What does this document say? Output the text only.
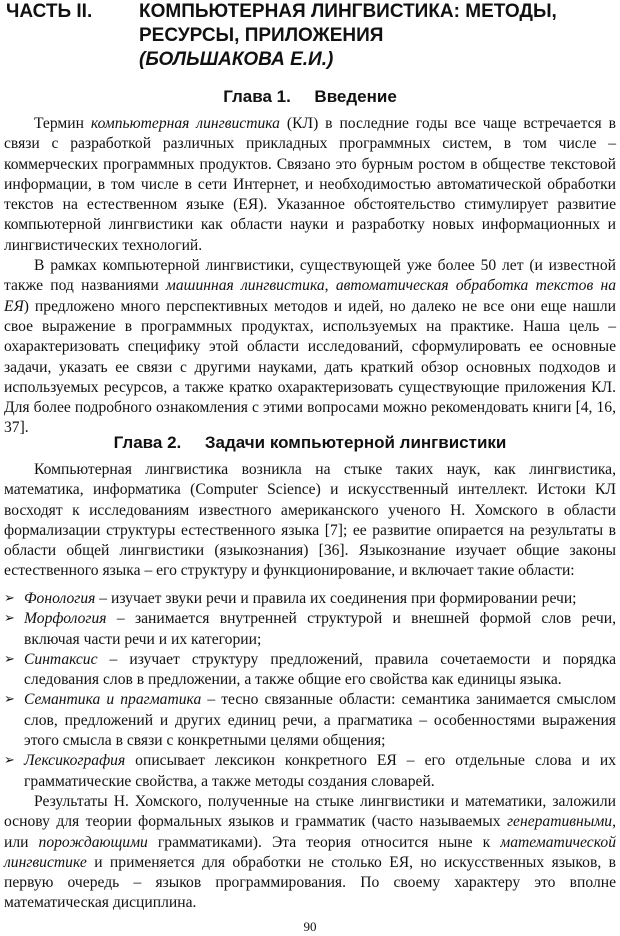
ЧАСТЬ II. КОМПЬЮТЕРНАЯ ЛИНГВИСТИКА: МЕТОДЫ,
РЕСУРСЫ, ПРИЛОЖЕНИЯ
(БОЛЬШАКОВА Е.И.)
Глава 1.     Введение

Термин компьютерная лингвистика (КЛ) в последние годы все чаще встречается в связи с разработкой различных прикладных программных систем, в том числе – коммерческих программных продуктов. Связано это бурным ростом в обществе текстовой информации, в том числе в сети Интернет, и необходимостью автоматической обработки текстов на естественном языке (ЕЯ). Указанное обстоятельство стимулирует развитие компьютерной лингвистики как области науки и разработку новых информационных и лингвистических технологий.

В рамках компьютерной лингвистики, существующей уже более 50 лет (и известной также под названиями машинная лингвистика, автоматическая обработка текстов на ЕЯ) предложено много перспективных методов и идей, но далеко не все они еще нашли свое выражение в программных продуктах, используемых на практике. Наша цель – охарактеризовать специфику этой области исследований, сформулировать ее основные задачи, указать ее связи с другими науками, дать краткий обзор основных подходов и используемых ресурсов, а также кратко охарактеризовать существующие приложения КЛ. Для более подробного ознакомления с этими вопросами можно рекомендовать книги [4, 16, 37].

Глава 2.     Задачи компьютерной лингвистики

Компьютерная лингвистика возникла на стыке таких наук, как лингвистика, математика, информатика (Computer Science) и искусственный интеллект. Истоки КЛ восходят к исследованиям известного американского ученого Н. Хомского в области формализации структуры естественного языка [7]; ее развитие опирается на результаты в области общей лингвистики (языкознания) [36]. Языкознание изучает общие законы естественного языка – его структуру и функционирование, и включает такие области:

➢ Фонология – изучает звуки речи и правила их соединения при формировании речи;
➢ Морфология – занимается внутренней структурой и внешней формой слов речи, включая части речи и их категории;
➢ Синтаксис – изучает структуру предложений, правила сочетаемости и порядка следования слов в предложении, а также общие его свойства как единицы языка.
➢ Семантика и прагматика – тесно связанные области: семантика занимается смыслом слов, предложений и других единиц речи, а прагматика – особенностями выражения этого смысла в связи с конкретными целями общения;
➢ Лексикография описывает лексикон конкретного ЕЯ – его отдельные слова и их грамматические свойства, а также методы создания словарей.

Результаты Н. Хомского, полученные на стыке лингвистики и математики, заложили основу для теории формальных языков и грамматик (часто называемых генеративными, или порождающими грамматиками). Эта теория относится ныне к математической лингвистике и применяется для обработки не столько ЕЯ, но искусственных языков, в первую очередь – языков программирования. По своему характеру это вполне математическая дисциплина.

90
